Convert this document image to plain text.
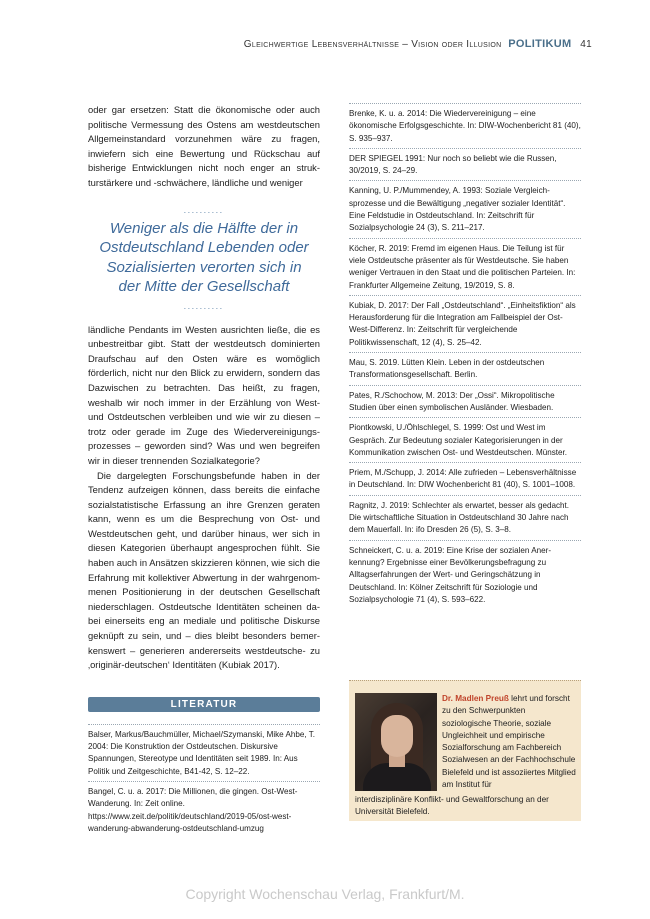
Gleichwertige Lebensverhältnisse – Vision oder Illusion POLITIKUM 41

oder gar ersetzen: Statt die ökonomische oder auch politische Vermessung des Ostens am westdeutschen Allgemeinstandard vorzunehmen wäre zu fragen, inwiefern sich eine Bewertung und Rückschau auf bisherige Entwicklungen nicht noch enger an strukturstärkere und -schwächere, ländliche und weniger

..........
Weniger als die Hälfte der in Ostdeutschland Lebenden oder Sozialisierten verorten sich in der Mitte der Gesellschaft
..........

ländliche Pendants im Westen ausrichten ließe, die es unbestreitbar gibt. Statt der westdeutsch dominierten Draufschau auf den Osten wäre es womöglich förderlich, nicht nur den Blick zu erwidern, sondern das Dazwischen zu betrachten. Das heißt, zu fragen, weshalb wir noch immer in der Erzählung von West- und Ostdeutschen verbleiben und wie wir zu diesen – trotz oder gerade im Zuge des Wiedervereinigungsprozesses – geworden sind? Was und wen begreifen wir in dieser trennenden Sozialkategorie?

Die dargelegten Forschungsbefunde haben in der Tendenz aufzeigen können, dass bereits die einfache sozialstatistische Erfassung an ihre Grenzen geraten kann, wenn es um die Besprechung von Ost- und Westdeutschen geht, und darüber hinaus, wer sich in diesen Kategorien überhaupt angesprochen fühlt. Sie haben auch in Ansätzen skizzieren können, wie sich die Erfahrung mit kollektiver Abwertung in der wahrgenommenen Positionierung in der deutschen Gesellschaft niederschlagen. Ostdeutsche Identitäten scheinen dabei einerseits eng an mediale und politische Diskurse geknüpft zu sein, und – dies bleibt besonders bemerkenswert – generieren andererseits westdeutsche- zu ‚originär-deutschen‘ Identitäten (Kubiak 2017).

LITERATUR

Balser, Markus/Bauchmüller, Michael/Szymanski, Mike Ahbe, T. 2004: Die Konstruktion der Ostdeutschen. Diskursive Spannungen, Stereotype und Identitäten seit 1989. In: Aus Politik und Zeitgeschichte, B41-42, S. 12–22.

Bangel, C. u. a. 2017: Die Millionen, die gingen. Ost-West-Wanderung. In: Zeit online. https://www.zeit.de/politik/deutschland/2019-05/ost-west-wanderung-abwanderung-ostdeutschland-umzug

Brenke, K. u. a. 2014: Die Wiedervereinigung – eine ökonomische Erfolgsgeschichte. In: DIW-Wochenbericht 81 (40), S. 935–937.

DER SPIEGEL 1991: Nur noch so beliebt wie die Russen, 30/2019, S. 24–29.

Kanning, U. P./Mummendey, A. 1993: Soziale Vergleichsprozesse und die Bewältigung „negativer sozialer Identität“. Eine Feldstudie in Ostdeutschland. In: Zeitschrift für Sozialpsychologie 24 (3), S. 211–217.

Köcher, R. 2019: Fremd im eigenen Haus. Die Teilung ist für viele Ostdeutsche präsenter als für Westdeutsche. Sie haben weniger Vertrauen in den Staat und die politischen Parteien. In: Frankfurter Allgemeine Zeitung, 19/2019, S. 8.

Kubiak, D. 2017: Der Fall „Ostdeutschland“. „Einheitsfiktion“ als Herausforderung für die Integration am Fallbeispiel der Ost-West-Differenz. In: Zeitschrift für vergleichende Politikwissenschaft, 12 (4), S. 25–42.

Mau, S. 2019. Lütten Klein. Leben in der ostdeutschen Transformationsgesellschaft. Berlin.

Pates, R./Schochow, M. 2013: Der „Ossi“. Mikropolitische Studien über einen symbolischen Ausländer. Wiesbaden.

Piontkowski, U./Öhlschlegel, S. 1999: Ost und West im Gespräch. Zur Bedeutung sozialer Kategorisierungen in der Kommunikation zwischen Ost- und Westdeutschen. Münster.

Priem, M./Schupp, J. 2014: Alle zufrieden – Lebensverhältnisse in Deutschland. In: DIW Wochenbericht 81 (40), S. 1001–1008.

Ragnitz, J. 2019: Schlechter als erwartet, besser als gedacht. Die wirtschaftliche Situation in Ostdeutschland 30 Jahre nach dem Mauerfall. In: ifo Dresden 26 (5), S. 3–8.

Schneickert, C. u. a. 2019: Eine Krise der sozialen Anerkennung? Ergebnisse einer Bevölkerungsbefragung zu Alltagserfahrungen der Wert- und Geringschätzung in Deutschland. In: Kölner Zeitschrift für Soziologie und Sozialpsychologie 71 (4), S. 593–622.

Dr. Madlen Preuß lehrt und forscht zu den Schwerpunkten soziologische Theorie, soziale Ungleichheit und empirische Sozialforschung am Fachbereich Sozialwesen an der Fachhochschule Bielefeld und ist assoziiertes Mitglied am Institut für
interdisziplinäre Konflikt- und Gewaltforschung an der Universität Bielefeld.
Copyright Wochenschau Verlag, Frankfurt/M.
